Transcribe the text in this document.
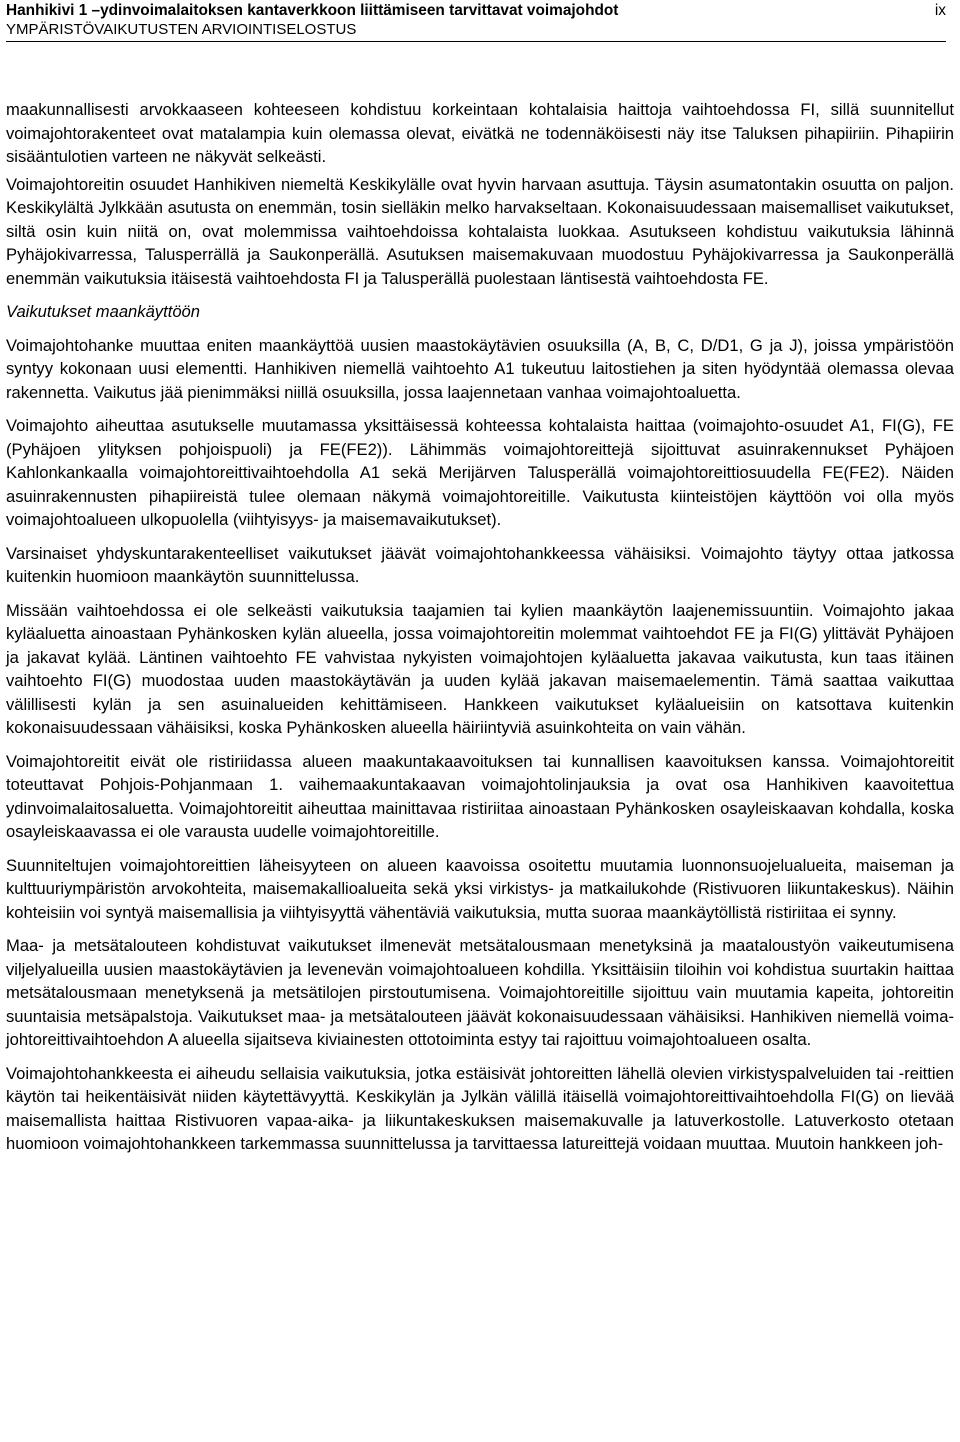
Hanhikivi 1 –ydinvoimalaitoksen kantaverkkoon liittämiseen tarvittavat voimajohdot
YMPÄRISTÖVAIKUTUSTEN ARVIOINTISELOSTUS
ix

maakunnallisesti arvokkaaseen kohteeseen kohdistuu korkeintaan kohtalaisia haittoja vaihtoehdossa FI, sillä suunnitellut voimajohtorakenteet ovat matalampia kuin olemassa olevat, eivätkä ne todennäköisesti näy itse Taluksen pihapiiriin. Pihapiirin sisääntulotien varteen ne näkyvät selkeästi.

Voimajohtoreitin osuudet Hanhikiven niemeltä Keskikylälle ovat hyvin harvaan asuttuja. Täysin asumatontakin osuutta on paljon. Keskikylältä Jylkkään asutusta on enemmän, tosin sielläkin melko harvakseltaan. Kokonaisuudessaan maisemalliset vaikutukset, siltä osin kuin niitä on, ovat molemmissa vaihtoehdoissa kohtalaista luokkaa. Asutukseen kohdistuu vaikutuksia lähinnä Pyhäjokivarressa, Talusperrällä ja Saukonperällä. Asutuksen maisemakuvaan muodostuu Pyhäjokivarressa ja Saukonperällä enemmän vaikutuksia itäisestä vaihtoehdosta FI ja Talusperällä puolestaan läntisestä vaihtoehdosta FE.

Vaikutukset maankäyttöön

Voimajohtohanke muuttaa eniten maankäyttöä uusien maastokäytävien osuuksilla (A, B, C, D/D1, G ja J), joissa ympäristöön syntyy kokonaan uusi elementti. Hanhikiven niemellä vaihtoehto A1 tukeutuu laitostiehen ja siten hyödyntää olemassa olevaa rakennetta. Vaikutus jää pienimmäksi niillä osuuksilla, jossa laajennetaan vanhaa voimajohtoaluetta.

Voimajohto aiheuttaa asutukselle muutamassa yksittäisessä kohteessa kohtalaista haittaa (voimajohto-osuudet A1, FI(G), FE (Pyhäjoen ylityksen pohjoispuoli) ja FE(FE2)). Lähimmäs voimajohtoreittejä sijoittuvat asuinrakennukset Pyhäjoen Kahlonkankaalla voimajohtoreittivaihtoehdolla A1 sekä Merijärven Talusperällä voimajohtoreittiosuudella FE(FE2). Näiden asuinrakennusten pihapiireistä tulee olemaan näkymä voimajohtoreitille. Vaikutusta kiinteistöjen käyttöön voi olla myös voimajohtoalueen ulkopuolella (viihtyisyys- ja maisemavaikutukset).

Varsinaiset yhdyskuntarakenteelliset vaikutukset jäävät voimajohtohankkeessa vähäisiksi. Voimajohto täytyy ottaa jatkossa kuitenkin huomioon maankäytön suunnittelussa.

Missään vaihtoehdossa ei ole selkeästi vaikutuksia taajamien tai kylien maankäytön laajenemissuuntiin. Voimajohto jakaa kyläaluetta ainoastaan Pyhänkosken kylän alueella, jossa voimajohtoreitin molemmat vaihtoehdot FE ja FI(G) ylittävät Pyhäjoen ja jakavat kylää. Läntinen vaihtoehto FE vahvistaa nykyisten voimajohtojen kyläaluetta jakavaa vaikutusta, kun taas itäinen vaihtoehto FI(G) muodostaa uuden maastokäytävän ja uuden kylää jakavan maisemaelementin. Tämä saattaa vaikuttaa välillisesti kylän ja sen asuinalueiden kehittämiseen. Hankkeen vaikutukset kyläalueisiin on katsottava kuitenkin kokonaisuudessaan vähäisiksi, koska Pyhänkosken alueella häiriintyviä asuinkohteita on vain vähän.

Voimajohtoreitit eivät ole ristiriidassa alueen maakuntakaavoituksen tai kunnallisen kaavoituksen kanssa. Voimajohtoreitit toteuttavat Pohjois-Pohjanmaan 1. vaihemaakuntakaavan voimajohtolinjauksia ja ovat osa Hanhikiven kaavoitettua ydinvoimalaitosaluetta. Voimajohtoreitit aiheuttaa mainittavaa ristiriitaa ainoastaan Pyhänkosken osayleiskaavan kohdalla, koska osayleiskaavassa ei ole varausta uudelle voimajohtoreitille.

Suunniteltujen voimajohtoreittien läheisyyteen on alueen kaavoissa osoitettu muutamia luonnonsuojelualueita, maiseman ja kulttuuriympäristön arvokohteita, maisemakallioalueita sekä yksi virkistys- ja matkailukohde (Ristivuoren liikuntakeskus). Näihin kohteisiin voi syntyä maisemallisia ja viihtyisyyttä vähentäviä vaikutuksia, mutta suoraa maankäytöllistä ristiriitaa ei synny.

Maa- ja metsätalouteen kohdistuvat vaikutukset ilmenevät metsätalousmaan menetyksinä ja maataloustyön vaikeutumisena viljelyalueilla uusien maastokäytävien ja levenevän voimajohtoalueen kohdilla. Yksittäisiin tiloihin voi kohdistua suurtakin haittaa metsätalousmaan menetyksenä ja metsätilojen pirstoutumisena. Voimajohtoreitille sijoittuu vain muutamia kapeita, johtoreitin suuntaisia metsäpalstoja. Vaikutukset maa- ja metsätalouteen jäävät kokonaisuudessaan vähäisiksi. Hanhikiven niemellä voimajohtoreittivaihtoehdon A alueella sijaitseva kiviainesten ottotoiminta estyy tai rajoittuu voimajohtoalueen osalta.

Voimajohtohankkeesta ei aiheudu sellaisia vaikutuksia, jotka estäisivät johtoreitten lähellä olevien virkistyspalveluiden tai -reittien käytön tai heikentäisivät niiden käytettävyyttä. Keskikylän ja Jylkän välillä itäisellä voimajohtoreittivaihtoehdolla FI(G) on lievää maisemallista haittaa Ristivuoren vapaa-aika- ja liikuntakeskuksen maisemakuvalle ja latuverkostolle. Latuverkosto otetaan huomioon voimajohtohankkeen tarkemmassa suunnittelussa ja tarvittaessa latureittejä voidaan muuttaa. Muutoin hankkeen joh-
